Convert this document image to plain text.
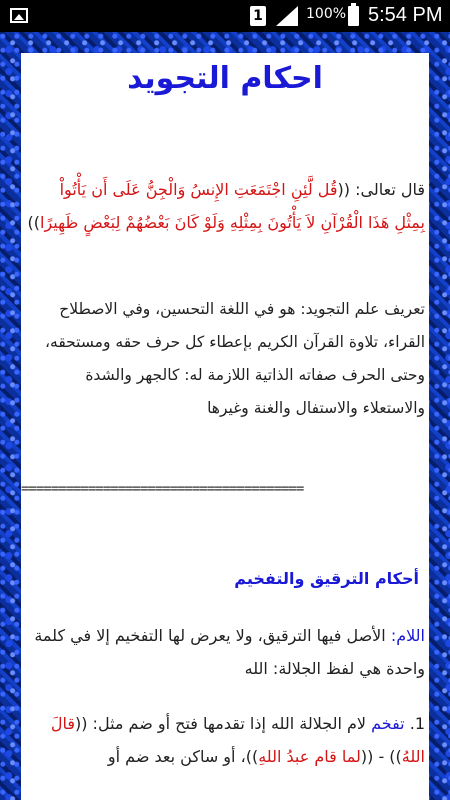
1	100% 5:54 PM
احكام التجويد
قال تعالى: ((قُل لَّئِنِ اجْتَمَعَتِ الإِنسُ وَالْجِنُّ عَلَى أَن يَأْتُواْ بِمِثْلِ هَذَا الْقُرْآنِ لاَ يَأْتُونَ بِمِثْلِهِ وَلَوْ كَانَ بَعْضُهُمْ لِبَعْضٍ ظَهِيرًا))
تعريف علم التجويد: هو في اللغة التحسين، وفي الاصطلاح القراء، تلاوة القرآن الكريم بإعطاء كل حرف حقه ومستحقه، وحتى الحرف صفاته الذاتية اللازمة له: كالجهر والشدة والاستعلاء والاستفال والغنة وغيرها
======================================
أحكام الترقيق والتفخيم
اللام: الأصل فيها الترقيق، ولا يعرض لها التفخيم إلا في كلمة واحدة هي لفظ الجلالة: الله
1. تفخم لام الجلالة الله إذا تقدمها فتح أو ضم مثل: ((قالَ اللهُ)) - ((لما قام عبدُ اللهِ))، أو ساكن بعد ضم أو
